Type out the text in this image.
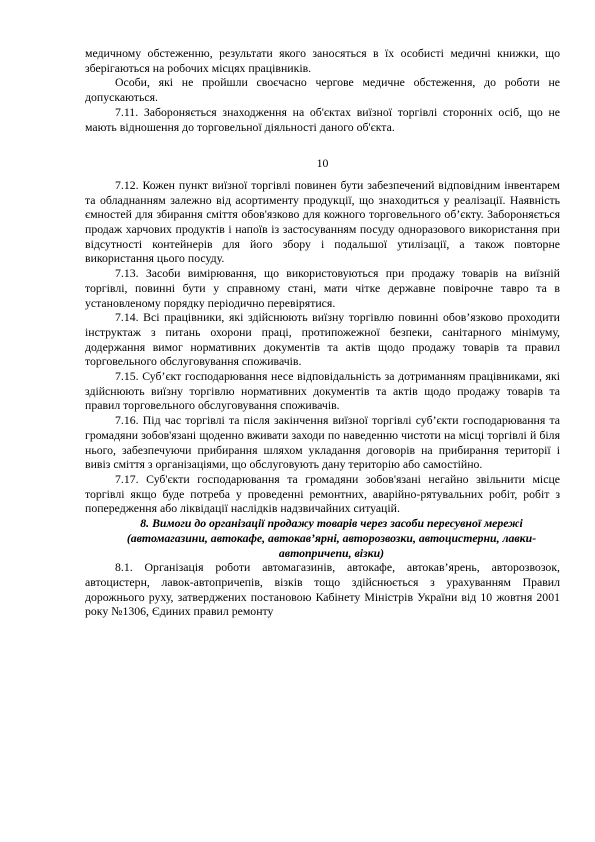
медичному обстеженню, результати якого заносяться в їх особисті медичні книжки, що зберігаються на робочих місцях працівників.

Особи, які не пройшли своєчасно чергове медичне обстеження, до роботи не допускаються.

7.11. Забороняється знаходження на об'єктах виїзної торгівлі сторонніх осіб, що не мають відношення до торговельної діяльності даного об'єкта.

10

7.12. Кожен пункт виїзної торгівлі повинен бути забезпечений відповідним інвентарем та обладнанням залежно від асортименту продукції, що знаходиться у реалізації. Наявність ємностей для збирання сміття обов'язково для кожного торговельного об’єкту. Забороняється продаж харчових продуктів і напоїв із застосуванням посуду одноразового використання при відсутності контейнерів для його збору і подальшої утилізації, а також повторне використання цього посуду.

7.13. Засоби вимірювання, що використовуються при продажу товарів на виїзній торгівлі, повинні бути у справному стані, мати чітке державне повірочне тавро та в установленому порядку періодично перевірятися.

7.14. Всі працівники, які здійснюють виїзну торгівлю повинні обов’язково проходити інструктаж з питань охорони праці, протипожежної безпеки, санітарного мінімуму, додержання вимог нормативних документів та актів щодо продажу товарів та правил торговельного обслуговування споживачів.

7.15. Суб’єкт господарювання несе відповідальність за дотриманням працівниками, які здійснюють виїзну торгівлю нормативних документів та актів щодо продажу товарів та правил торговельного обслуговування споживачів.

7.16. Під час торгівлі та після закінчення виїзної торгівлі суб’єкти господарювання та громадяни зобов'язані щоденно вживати заходи по наведенню чистоти на місці торгівлі й біля нього, забезпечуючи прибирання шляхом укладання договорів на прибирання території і вивіз сміття з організаціями, що обслуговують дану територію або самостійно.

7.17. Суб'єкти господарювання та громадяни зобов'язані негайно звільнити місце торгівлі якщо буде потреба у проведенні ремонтних, аварійно-рятувальних робіт, робіт з попередження або ліквідації наслідків надзвичайних ситуацій.

8. Вимоги до організації продажу товарів через засоби пересувної мережі (автомагазини, автокафе, автокав’ярні, авторозвозки, автоцистерни, лавки-автопричепи, візки)

8.1. Організація роботи автомагазинів, автокафе, автокав’ярень, авторозвозок, автоцистерн, лавок-автопричепів, візків тощо здійснюється з урахуванням Правил дорожнього руху, затверджених постановою Кабінету Міністрів України від 10 жовтня 2001 року №1306, Єдиних правил ремонту
